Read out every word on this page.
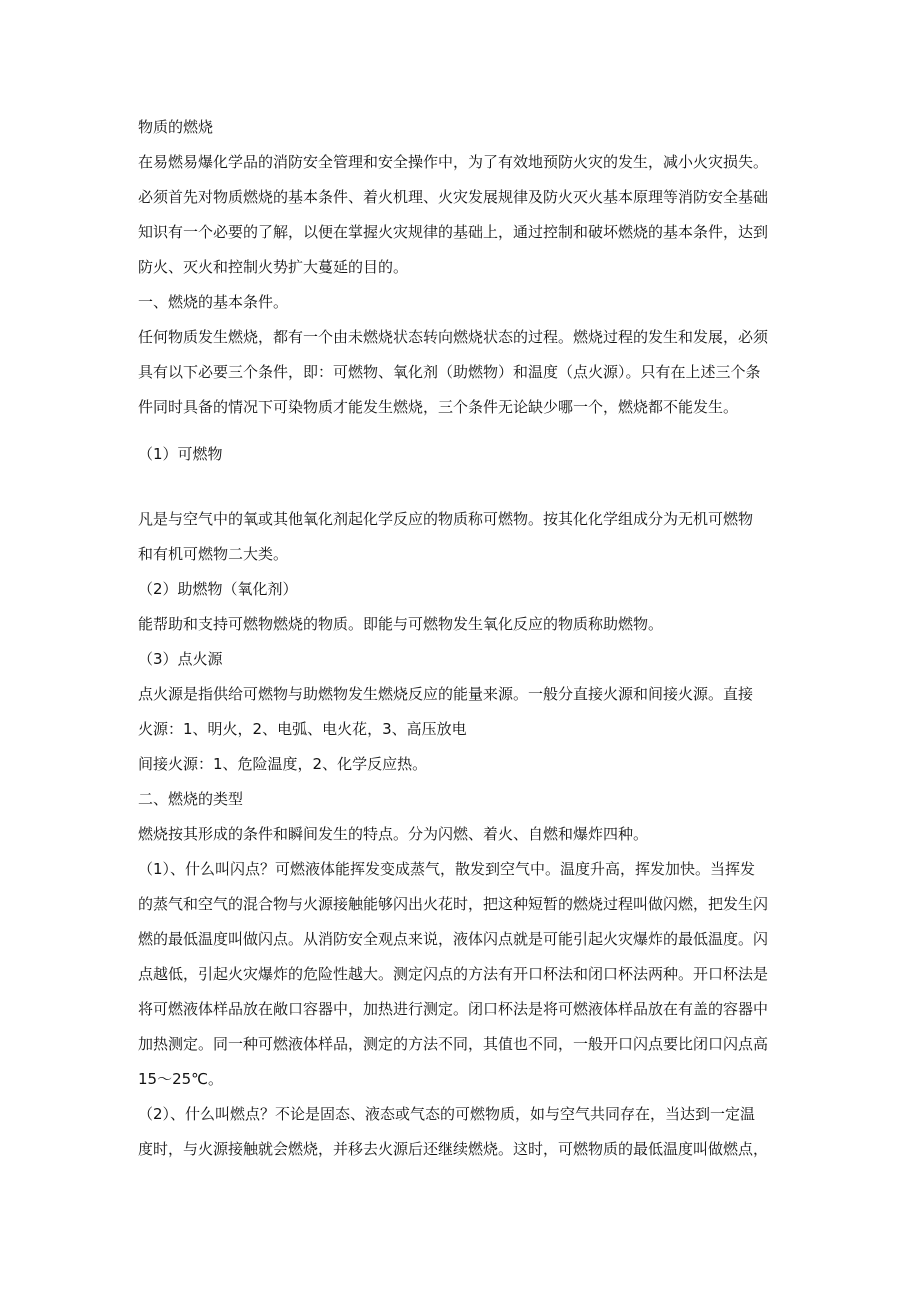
物质的燃烧
在易燃易爆化学品的消防安全管理和安全操作中，为了有效地预防火灾的发生，减小火灾损失。
必须首先对物质燃烧的基本条件、着火机理、火灾发展规律及防火灭火基本原理等消防安全基础
知识有一个必要的了解，以便在掌握火灾规律的基础上，通过控制和破坏燃烧的基本条件，达到
防火、灭火和控制火势扩大蔓延的目的。
一、燃烧的基本条件。
任何物质发生燃烧，都有一个由未燃烧状态转向燃烧状态的过程。燃烧过程的发生和发展，必须
具有以下必要三个条件，即：可燃物、氧化剂（助燃物）和温度（点火源）。只有在上述三个条
件同时具备的情况下可染物质才能发生燃烧，三个条件无论缺少哪一个，燃烧都不能发生。
（1）可燃物
凡是与空气中的氧或其他氧化剂起化学反应的物质称可燃物。按其化化学组成分为无机可燃物
和有机可燃物二大类。
（2）助燃物（氧化剂）
能帮助和支持可燃物燃烧的物质。即能与可燃物发生氧化反应的物质称助燃物。
（3）点火源
点火源是指供给可燃物与助燃物发生燃烧反应的能量来源。一般分直接火源和间接火源。直接
火源：1、明火，2、电弧、电火花，3、高压放电
间接火源：1、危险温度，2、化学反应热。
二、燃烧的类型
燃烧按其形成的条件和瞬间发生的特点。分为闪燃、着火、自燃和爆炸四种。
（1）、什么叫闪点？可燃液体能挥发变成蒸气，散发到空气中。温度升高，挥发加快。当挥发
的蒸气和空气的混合物与火源接触能够闪出火花时，把这种短暂的燃烧过程叫做闪燃，把发生闪
燃的最低温度叫做闪点。从消防安全观点来说，液体闪点就是可能引起火灾爆炸的最低温度。闪
点越低，引起火灾爆炸的危险性越大。测定闪点的方法有开口杯法和闭口杯法两种。开口杯法是
将可燃液体样品放在敞口容器中，加热进行测定。闭口杯法是将可燃液体样品放在有盖的容器中
加热测定。同一种可燃液体样品，测定的方法不同，其值也不同，一般开口闪点要比闭口闪点高
15～25℃。
（2）、什么叫燃点？不论是固态、液态或气态的可燃物质，如与空气共同存在，当达到一定温
度时，与火源接触就会燃烧，并移去火源后还继续燃烧。这时，可燃物质的最低温度叫做燃点，
